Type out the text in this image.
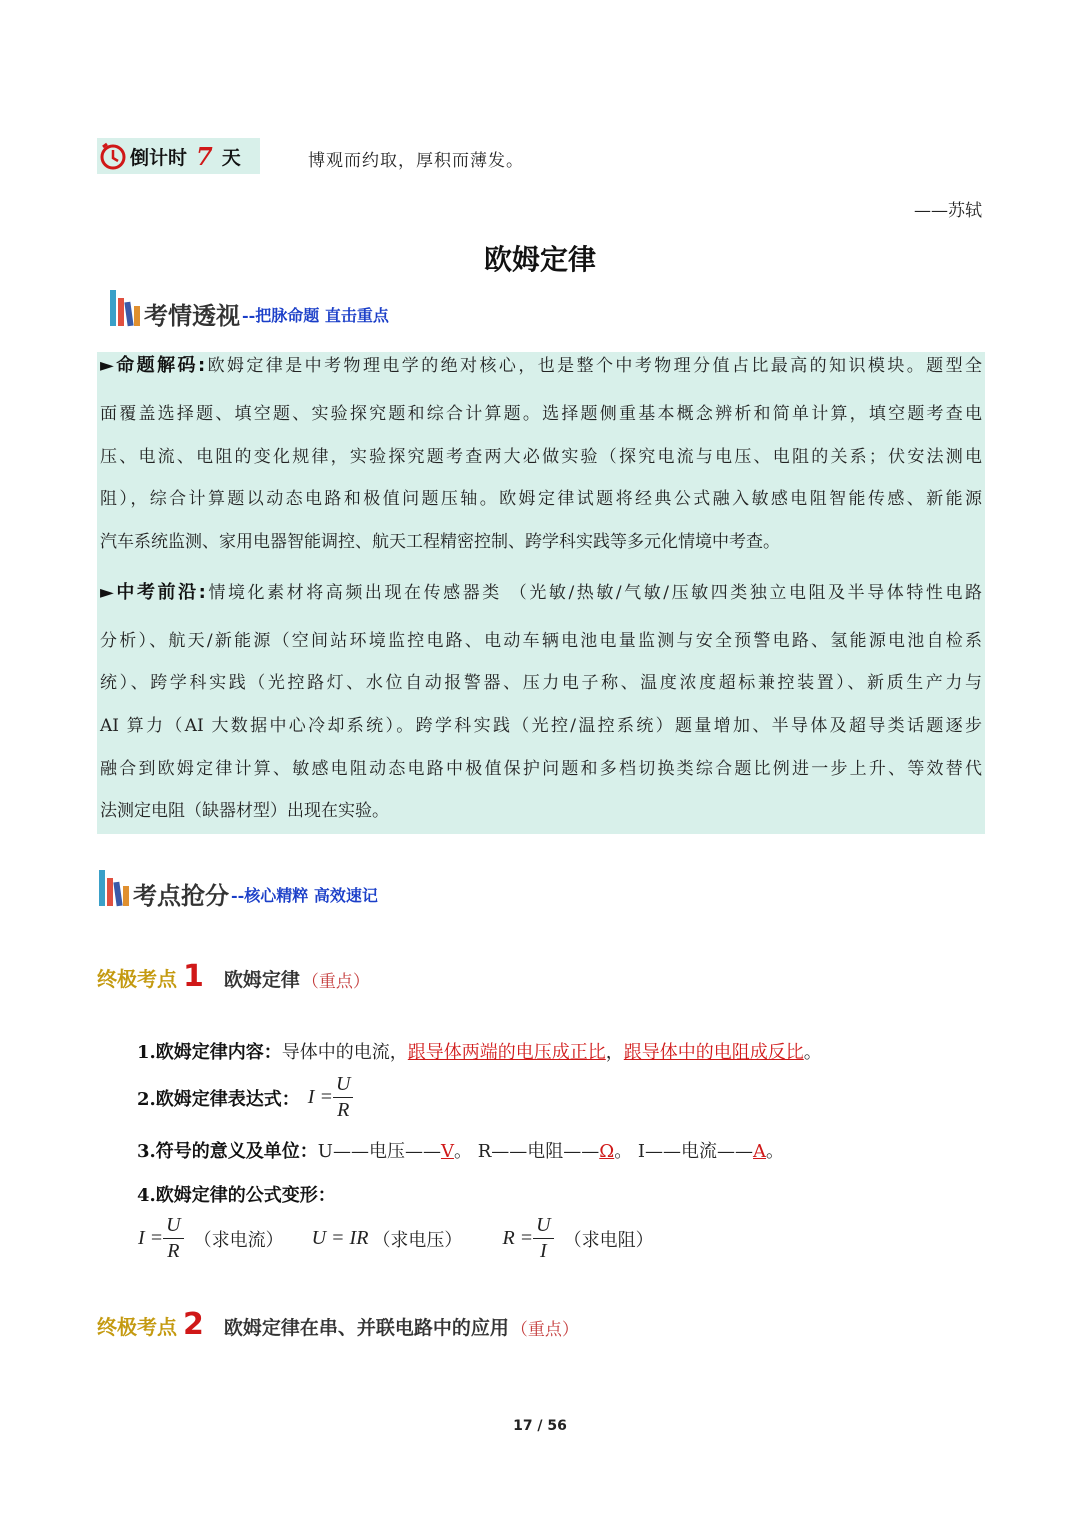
倒计时 7 天	博观而约取，厚积而薄发。
——苏轼
欧姆定律
考情透视 --把脉命题 直击重点
►命题解码:欧姆定律是中考物理电学的绝对核心，也是整个中考物理分值占比最高的知识模块。题型全
面覆盖选择题、填空题、实验探究题和综合计算题。选择题侧重基本概念辨析和简单计算，填空题考查电
压、电流、电阻的变化规律，实验探究题考查两大必做实验（探究电流与电压、电阻的关系；伏安法测电
阻），综合计算题以动态电路和极值问题压轴。欧姆定律试题将经典公式融入敏感电阻智能传感、新能源
汽车系统监测、家用电器智能调控、航天工程精密控制、跨学科实践等多元化情境中考查。
►中考前沿:情境化素材将高频出现在传感器类 （光敏/热敏/气敏/压敏四类独立电阻及半导体特性电路
分析）、航天/新能源（空间站环境监控电路、电动车辆电池电量监测与安全预警电路、氢能源电池自检系
统）、跨学科实践（光控路灯、水位自动报警器、压力电子称、温度浓度超标兼控装置）、新质生产力与
AI 算力（AI 大数据中心冷却系统）。跨学科实践（光控/温控系统）题量增加、半导体及超导类话题逐步
融合到欧姆定律计算、敏感电阻动态电路中极值保护问题和多档切换类综合题比例进一步上升、等效替代
法测定电阻（缺器材型）出现在实验。
考点抢分 --核心精粹 高效速记
终极考点 1 欧姆定律 （重点）
1.欧姆定律内容：导体中的电流，跟导体两端的电压成正比，跟导体中的电阻成反比。
2.欧姆定律表达式： $I = \frac{U}{R}$
3.符号的意义及单位：U——电压——V。 R——电阻——Ω。 I——电流——A。
4.欧姆定律的公式变形：
$I = \frac{U}{R}$ （求电流） U = IR （求电压） $R = \frac{U}{I}$ （求电阻）
终极考点 2 欧姆定律在串、并联电路中的应用 （重点）
17 / 56
